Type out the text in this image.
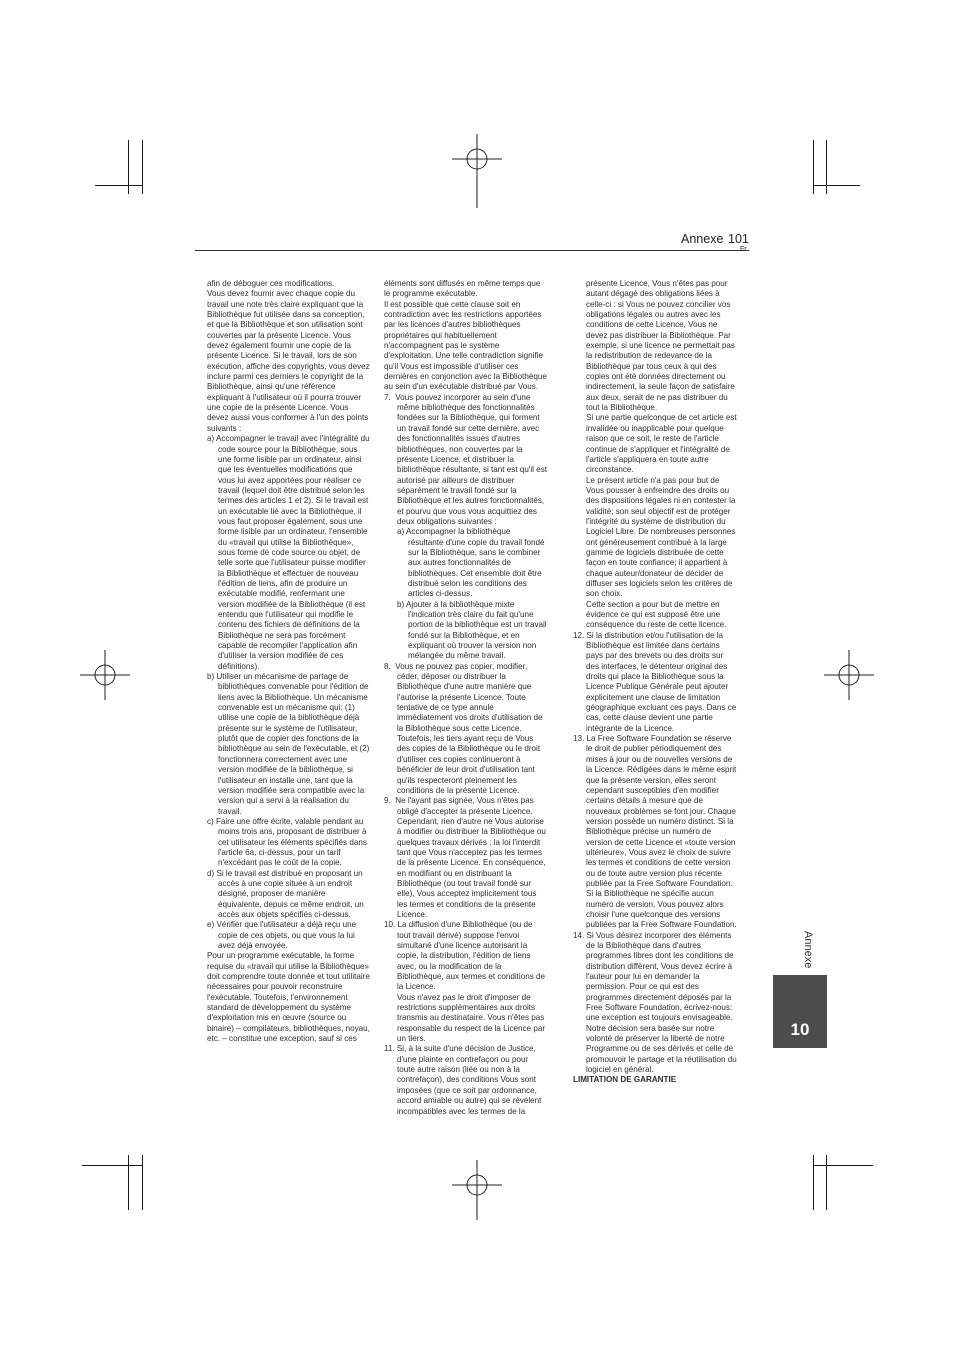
Annexe 101
Fr

afin de déboguer ces modifications.

Vous devez fournir avec chaque copie du travail une note très claire expliquant que la Bibliothèque fut utilisée dans sa conception, et que la Bibliothèque et son utilisation sont couvertes par la présente Licence. Vous devez également fournir une copie de la présente Licence. Si le travail, lors de son exécution, affiche des copyrights, vous devez inclure parmi ces derniers le copyright de la Bibliothèque, ainsi qu'une référence expliquant à l'utilisateur où il pourra trouver une copie de la présente Licence. Vous devez aussi vous conformer à l'un des points suivants :

a) Accompagner le travail avec l'intégralité du code source pour la Bibliothèque, sous une forme lisible par un ordinateur, ainsi que les éventuelles modifications que vous lui avez apportées pour réaliser ce travail (lequel doit être distribué selon les termes des articles 1 et 2). Si le travail est un exécutable lié avec la Bibliothèque, il vous faut proposer également, sous une forme lisible par un ordinateur, l'ensemble du «travail qui utilise la Bibliothèque», sous forme de code source ou objet, de telle sorte que l'utilisateur puisse modifier la Bibliothèque et effectuer de nouveau l'édition de liens, afin de produire un exécutable modifié, renfermant une version modifiée de la Bibliothèque (il est entendu que l'utilisateur qui modifie le contenu des fichiers de définitions de la Bibliothèque ne sera pas forcément capable de recompiler l'application afin d'utiliser la version modifiée de ces définitions).

b) Utiliser un mécanisme de partage de bibliothèques convenable pour l'édition de liens avec la Bibliothèque. Un mécanisme convenable est un mécanisme qui: (1) utilise une copie de la bibliothèque déjà présente sur le système de l'utilisateur, plutôt que de copier des fonctions de la bibliothèque au sein de l'exécutable, et (2) fonctionnera correctement avec une version modifiée de la bibliothèque, si l'utilisateur en installe une, tant que la version modifiée sera compatible avec la version qui a servi à la réalisation du travail.

c) Faire une offre écrite, valable pendant au moins trois ans, proposant de distribuer à cet utilisateur les éléments spécifiés dans l'article 6a, ci-dessus, pour un tarif n'excédant pas le coût de la copie.

d) Si le travail est distribué en proposant un accès à une copie située à un endroit désigné, proposer de manière équivalente, depuis ce même endroit, un accès aux objets spécifiés ci-dessus.

e) Vérifier que l'utilisateur a déjà reçu une copie de ces objets, ou que vous la lui avez déjà envoyée.

Pour un programme exécutable, la forme requise du «travail qui utilise la Bibliothèque» doit comprendre toute donnée et tout utilitaire nécessaires pour pouvoir reconstruire l'exécutable. Toutefois, l'environnement standard de développement du système d'exploitation mis en œuvre (source ou binaire) – compilateurs, bibliothèques, noyau, etc. – constitue une exception, sauf si ces

éléments sont diffusés en même temps que le programme exécutable.

Il est possible que cette clause soit en contradiction avec les restrictions apportées par les licences d'autres bibliothèques propriétaires qui habituellement n'accompagnent pas le système d'exploitation. Une telle contradiction signifie qu'il Vous est impossible d'utiliser ces dernières en conjonction avec la Bibliothèque au sein d'un exécutable distribué par Vous.

7.  Vous pouvez incorporer au sein d'une même bibliothèque des fonctionnalités fondées sur la Bibliothèque, qui forment un travail fondé sur cette dernière, avec des fonctionnalités issues d'autres bibliothèques, non couvertes par la présente Licence, et distribuer la bibliothèque résultante, si tant est qu'il est autorisé par ailleurs de distribuer séparément le travail fondé sur la Bibliothèque et les autres fonctionnalités, et pourvu que vous vous acquittiez des deux obligations suivantes :

a) Accompagner la bibliothèque résultante d'une copie du travail fondé sur la Bibliothèque, sans le combiner aux autres fonctionnalités de bibliothèques. Cet ensemble doit être distribué selon les conditions des articles ci-dessus.

b) Ajouter à la bibliothèque mixte l'indication très claire du fait qu'une portion de la bibliothèque est un travail fondé sur la Bibliothèque, et en expliquant où trouver la version non mélangée du même travail.

8.  Vous ne pouvez pas copier, modifier, céder, déposer ou distribuer la Bibliothèque d'une autre manière que l'autorise la présente Licence. Toute tentative de ce type annule immédiatement vos droits d'utilisation de la Bibliothèque sous cette Licence. Toutefois, les tiers ayant reçu de Vous des copies de la Bibliothèque ou le droit d'utiliser ces copies continueront à bénéficier de leur droit d'utilisation tant qu'ils respecteront pleinement les conditions de la présente Licence.

9.  Ne l'ayant pas signée, Vous n'êtes pas obligé d'accepter la présente Licence. Cependant, rien d'autre ne Vous autorise à modifier ou distribuer la Bibliothèque ou quelques travaux dérivés : la loi l'interdit tant que Vous n'acceptez pas les termes de la présente Licence. En conséquence, en modifiant ou en distribuant la Bibliothèque (ou tout travail fondé sur elle), Vous acceptez implicitement tous les termes et conditions de la présente Licence.

10. La diffusion d'une Bibliothèque (ou de tout travail dérivé) suppose l'envoi simultané d'une licence autorisant la copie, la distribution, l'édition de liens avec, ou la modification de la Bibliothèque, aux termes et conditions de la Licence.

Vous n'avez pas le droit d'imposer de restrictions supplémentaires aux droits transmis au destinataire. Vous n'êtes pas responsable du respect de la Licence par un tiers.

11. Si, à la suite d'une décision de Justice, d'une plainte en contrefaçon ou pour toute autre raison (liée ou non à la contrefaçon), des conditions Vous sont imposées (que ce soit par ordonnance, accord amiable ou autre) qui se révèlent incompatibles avec les termes de la

présente Licence, Vous n'êtes pas pour autant dégagé des obligations liées à celle-ci : si Vous ne pouvez concilier vos obligations légales ou autres avec les conditions de cette Licence, Vous ne devez pas distribuer la Bibliothèque. Par exemple, si une licence ne permettait pas la redistribution de redevance de la Bibliothèque par tous ceux à qui des copies ont été données directement ou indirectement, la seule façon de satisfaire aux deux, serait de ne pas distribuer du tout la Bibliothèque.

Si une partie quelconque de cet article est invalidée ou inapplicable pour quelque raison que ce soit, le reste de l'article continue de s'appliquer et l'intégralité de l'article s'appliquera en toute autre circonstance.

Le présent article n'a pas pour but de Vous pousser à enfreindre des droits ou des dispositions légales ni en contester la validité; son seul objectif est de protéger l'intégrité du système de distribution du Logiciel Libre. De nombreuses personnes ont généreusement contribué à la large gamme de logiciels distribuée de cette façon en toute confiance; il appartient à chaque auteur/donateur de décider de diffuser ses logiciels selon les critères de son choix.

Cette section a pour but de mettre en évidence ce qui est supposé être une conséquence du reste de cette licence.

12. Si la distribution et/ou l'utilisation de la Bibliothèque est limitée dans certains pays par des brevets ou des droits sur des interfaces, le détenteur original des droits qui place la Bibliothèque sous la Licence Publique Générale peut ajouter explicitement une clause de limitation géographique excluant ces pays. Dans ce cas, cette clause devient une partie intégrante de la Licence.

13. La Free Software Foundation se réserve le droit de publier périodiquement des mises à jour ou de nouvelles versions de la Licence. Rédigées dans le même esprit que la présente version, elles seront cependant susceptibles d'en modifier certains détails à mesure que de nouveaux problèmes se font jour. Chaque version possède un numéro distinct. Si la Bibliothèque précise un numéro de version de cette Licence et «toute version ultérieure», Vous avez le choix de suivre les termes et conditions de cette version ou de toute autre version plus récente publiée par la Free Software Foundation. Si la Bibliothèque ne spécifie aucun numéro de version, Vous pouvez alors choisir l'une quelconque des versions publiées par la Free Software Foundation.

14. Si Vous désirez incorporer des éléments de la Bibliothèque dans d'autres programmes libres dont les conditions de distribution diffèrent, Vous devez écrire à l'auteur pour lui en demander la permission. Pour ce qui est des programmes directement déposés par la Free Software Foundation, écrivez-nous: une exception est toujours envisageable. Notre décision sera basée sur notre volonté de préserver la liberté de notre Programme ou de ses dérivés et celle de promouvoir le partage et la réutilisation du logiciel en général.

LIMITATION DE GARANTIE

Annexe
10
